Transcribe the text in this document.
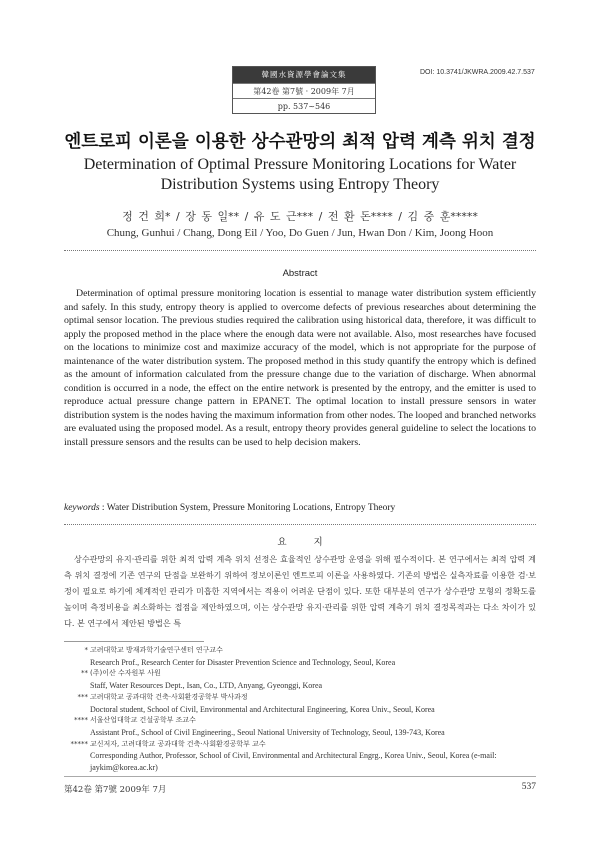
韓國水資源學會論文集
第42卷 第7號 · 2009年 7月
pp. 537~546
DOI: 10.3741/JKWRA.2009.42.7.537
엔트로피 이론을 이용한 상수관망의 최적 압력 계측 위치 결정
Determination of Optimal Pressure Monitoring Locations for Water Distribution Systems using Entropy Theory
정 건 희* / 장 동 일** / 유 도 근*** / 전 환 돈**** / 김 중 훈*****
Chung, Gunhui / Chang, Dong Eil / Yoo, Do Guen / Jun, Hwan Don / Kim, Joong Hoon
Abstract
Determination of optimal pressure monitoring location is essential to manage water distribution system efficiently and safely. In this study, entropy theory is applied to overcome defects of previous researches about determining the optimal sensor location. The previous studies required the calibration using historical data, therefore, it was difficult to apply the proposed method in the place where the enough data were not available. Also, most researches have focused on the locations to minimize cost and maximize accuracy of the model, which is not appropriate for the purpose of maintenance of the water distribution system. The proposed method in this study quantify the entropy which is defined as the amount of information calculated from the pressure change due to the variation of discharge. When abnormal condition is occurred in a node, the effect on the entire network is presented by the entropy, and the emitter is used to reproduce actual pressure change pattern in EPANET. The optimal location to install pressure sensors in water distribution system is the nodes having the maximum information from other nodes. The looped and branched networks are evaluated using the proposed model. As a result, entropy theory provides general guideline to select the locations to install pressure sensors and the results can be used to help decision makers.
keywords : Water Distribution System, Pressure Monitoring Locations, Entropy Theory
요 지
상수관망의 유지·관리를 위한 최적 압력 계측 위치 선정은 효율적인 상수관망 운영을 위해 필수적이다. 본 연구에서는 최적 압력 계측 위치 결정에 기존 연구의 단점을 보완하기 위하여 정보이론인 엔트로피 이론을 사용하였다. 기존의 방법은 실측자료를 이용한 검·보정이 필요로 하기에 체계적인 관리가 미흡한 지역에서는 적용이 어려운 단점이 있다. 또한 대부분의 연구가 상수관망 모형의 정확도를 높이며 측정비용을 최소화하는 접점을 제안하였으며, 이는 상수관망 유지·관리를 위한 압력 계측기 위치 결정목적과는 다소 차이가 있다. 본 연구에서 제안된 방법은 특
* 고려대학교 방재과학기술연구센터 연구교수
Research Prof., Research Center for Disaster Prevention Science and Technology, Seoul, Korea
** (주)이산 수자원부 사원
Staff, Water Resources Dept., Isan, Co., LTD, Anyang, Gyeonggi, Korea
*** 고려대학교 공과대학 건축·사회환경공학부 박사과정
Doctoral student, School of Civil, Environmental and Architectural Engineering, Korea Univ., Seoul, Korea
**** 서울산업대학교 건설공학부 조교수
Assistant Prof., School of Civil Engineering., Seoul National University of Technology, Seoul, 139-743, Korea
***** 교신저자, 고려대학교 공과대학 건축·사회환경공학부 교수
Corresponding Author, Professor, School of Civil, Environmental and Architectural Engrg., Korea Univ., Seoul, Korea (e-mail: jaykim@korea.ac.kr)
第42卷 第7號 2009年 7月	537
